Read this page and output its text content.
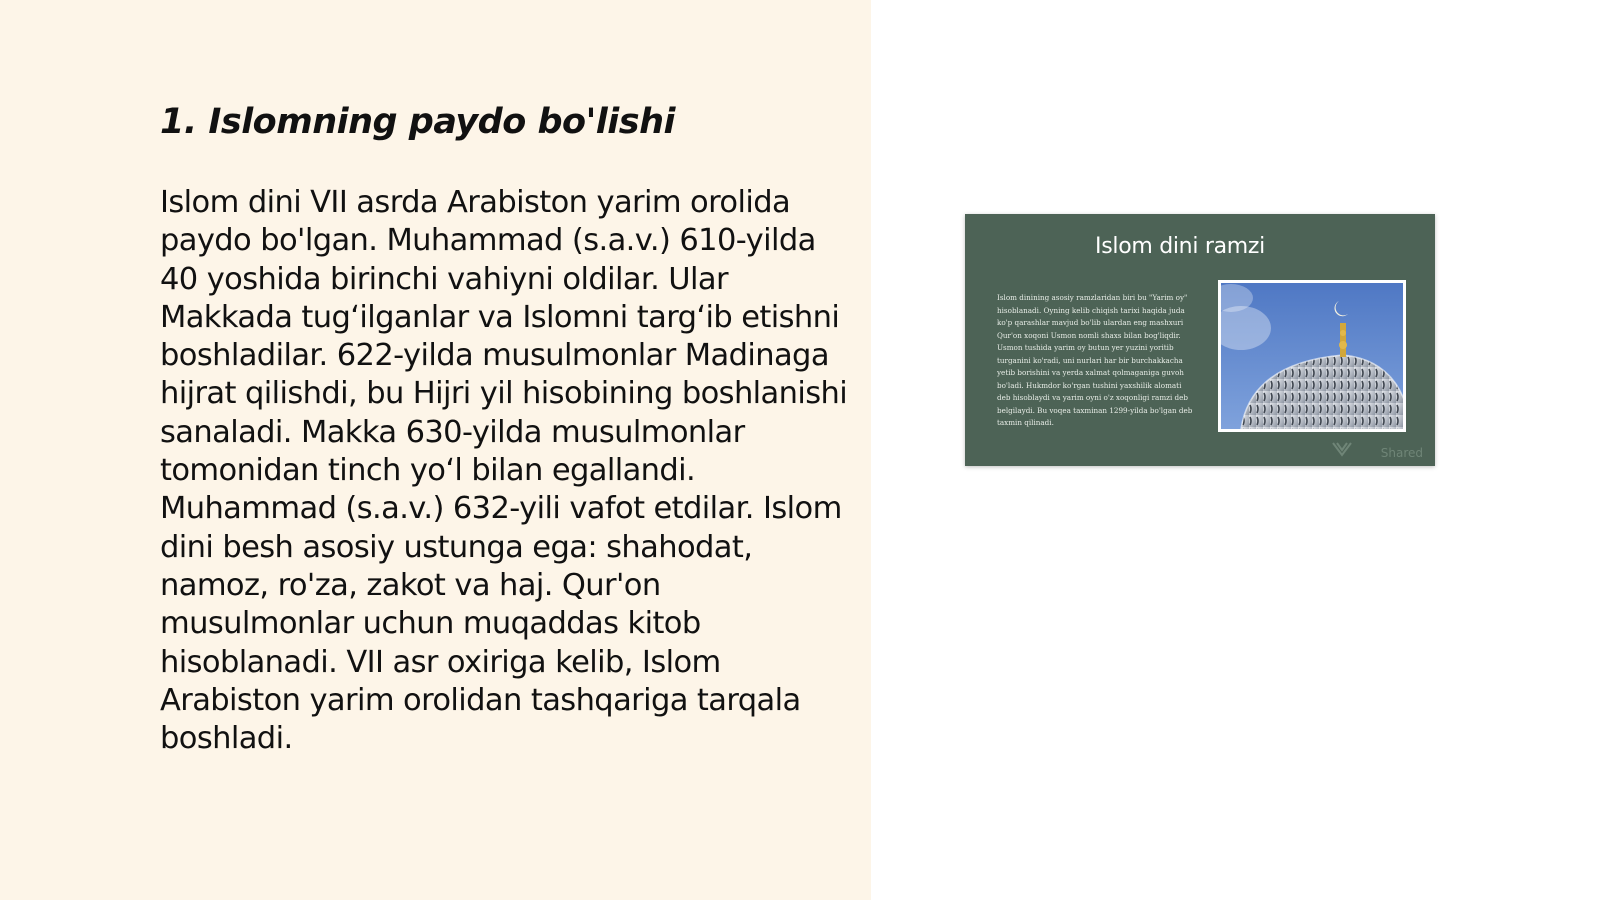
1. Islomning paydo bo'lishi

Islom dini VII asrda Arabiston yarim orolida paydo bo'lgan. Muhammad (s.a.v.) 610-yilda 40 yoshida birinchi vahiyni oldilar. Ular Makkada tug‘ilganlar va Islomni targ‘ib etishni boshladilar. 622-yilda musulmonlar Madinaga hijrat qilishdi, bu Hijri yil hisobining boshlanishi sanaladi. Makka 630-yilda musulmonlar tomonidan tinch yo‘l bilan egallandi. Muhammad (s.a.v.) 632-yili vafot etdilar. Islom dini besh asosiy ustunga ega: shahodat, namoz, ro'za, zakot va haj. Qur'on musulmonlar uchun muqaddas kitob hisoblanadi. VII asr oxiriga kelib, Islom Arabiston yarim orolidan tashqariga tarqala boshladi.

Islom dini ramzi
Islom dinining asosiy ramzlaridan biri bu "Yarim oy" hisoblanadi. Oyning kelib chiqish tarixi haqida juda ko'p qarashlar mavjud bo'lib ulardan eng mashxuri Qur'on xoqoni Usmon nomli shaxs bilan bog'liqdir. Usmon tushida yarim oy butun yer yuzini yoritib turganini ko'radi, uni nurlari har bir burchakkacha yetib borishini va yerda xalmat qolmaganiga guvoh bo'ladi. Hukmdor ko'rgan tushini yaxshilik alomati deb hisoblaydi va yarim oyni o'z xoqonligi ramzi deb belgilaydi. Bu voqea taxminan 1299-yilda bo'lgan deb taxmin qilinadi.
Shared
